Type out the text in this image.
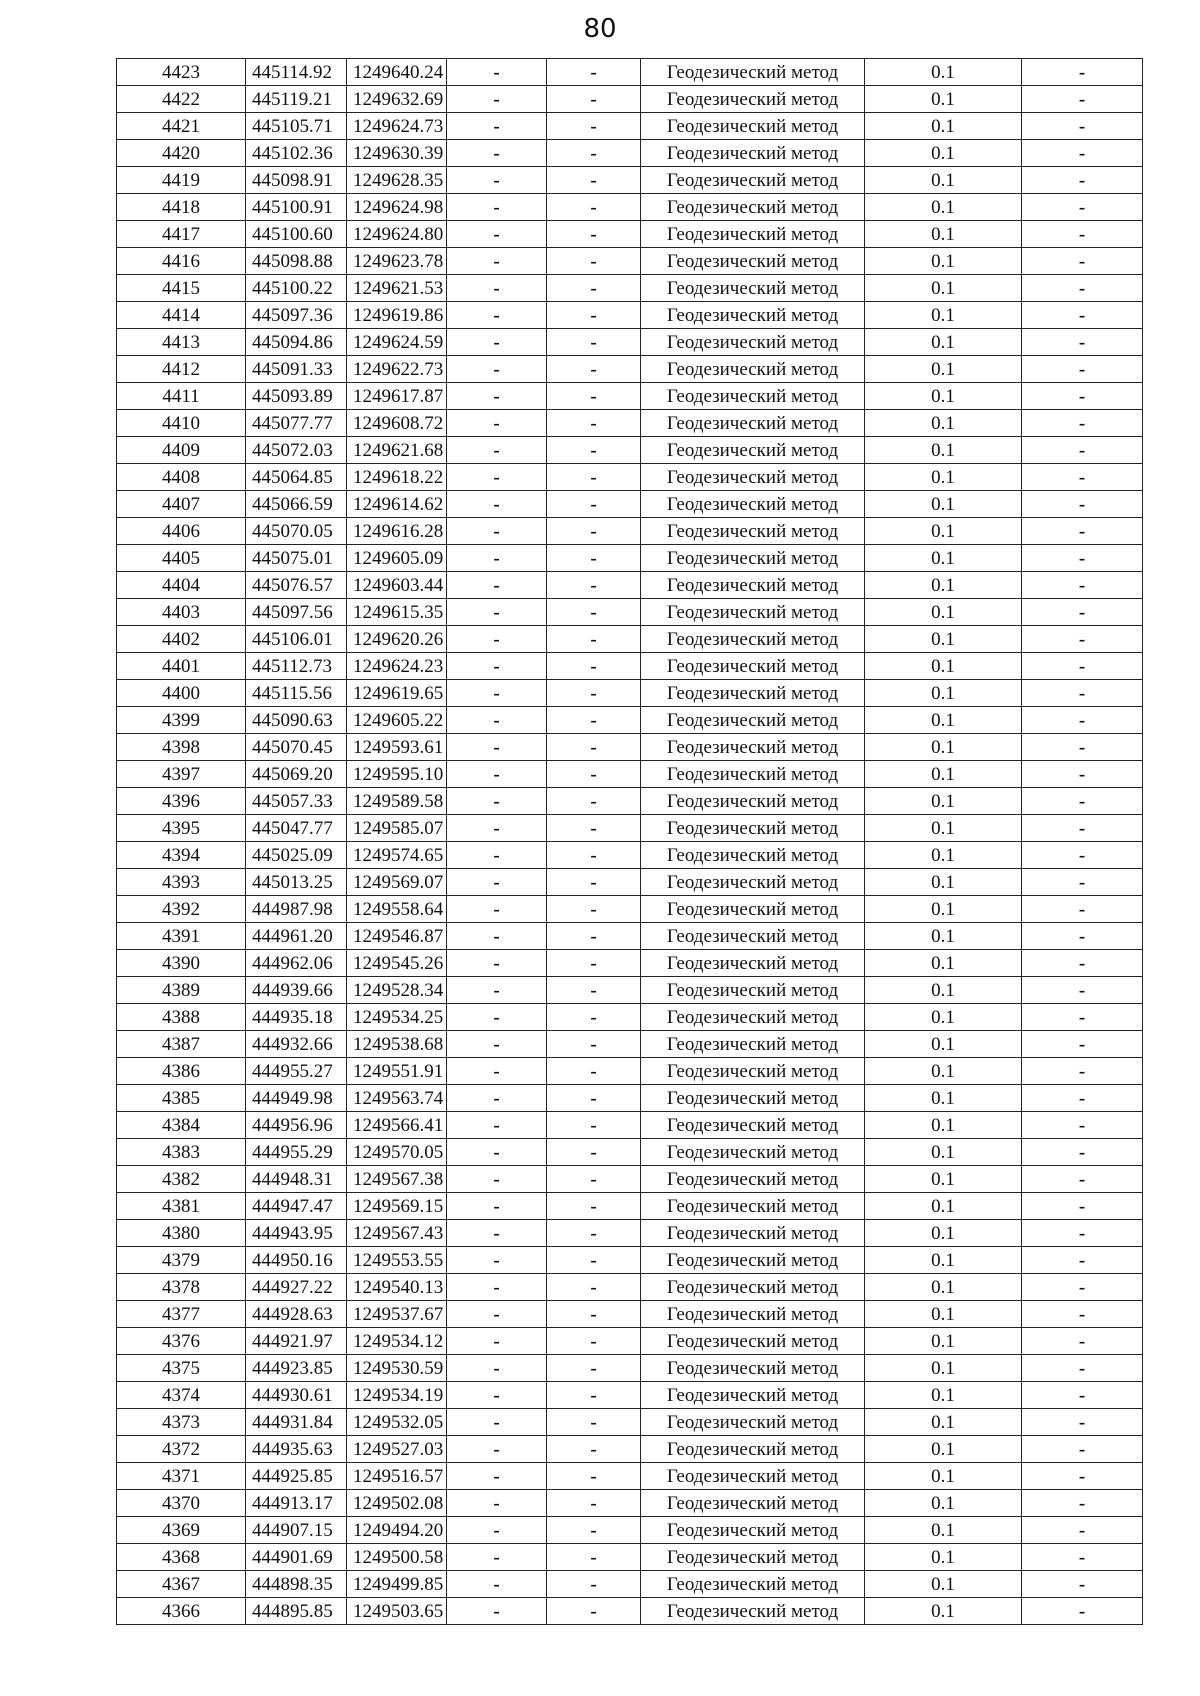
80
4423	445114.92	1249640.24	-	-	Геодезический метод	0.1	-
4422	445119.21	1249632.69	-	-	Геодезический метод	0.1	-
4421	445105.71	1249624.73	-	-	Геодезический метод	0.1	-
4420	445102.36	1249630.39	-	-	Геодезический метод	0.1	-
4419	445098.91	1249628.35	-	-	Геодезический метод	0.1	-
4418	445100.91	1249624.98	-	-	Геодезический метод	0.1	-
4417	445100.60	1249624.80	-	-	Геодезический метод	0.1	-
4416	445098.88	1249623.78	-	-	Геодезический метод	0.1	-
4415	445100.22	1249621.53	-	-	Геодезический метод	0.1	-
4414	445097.36	1249619.86	-	-	Геодезический метод	0.1	-
4413	445094.86	1249624.59	-	-	Геодезический метод	0.1	-
4412	445091.33	1249622.73	-	-	Геодезический метод	0.1	-
4411	445093.89	1249617.87	-	-	Геодезический метод	0.1	-
4410	445077.77	1249608.72	-	-	Геодезический метод	0.1	-
4409	445072.03	1249621.68	-	-	Геодезический метод	0.1	-
4408	445064.85	1249618.22	-	-	Геодезический метод	0.1	-
4407	445066.59	1249614.62	-	-	Геодезический метод	0.1	-
4406	445070.05	1249616.28	-	-	Геодезический метод	0.1	-
4405	445075.01	1249605.09	-	-	Геодезический метод	0.1	-
4404	445076.57	1249603.44	-	-	Геодезический метод	0.1	-
4403	445097.56	1249615.35	-	-	Геодезический метод	0.1	-
4402	445106.01	1249620.26	-	-	Геодезический метод	0.1	-
4401	445112.73	1249624.23	-	-	Геодезический метод	0.1	-
4400	445115.56	1249619.65	-	-	Геодезический метод	0.1	-
4399	445090.63	1249605.22	-	-	Геодезический метод	0.1	-
4398	445070.45	1249593.61	-	-	Геодезический метод	0.1	-
4397	445069.20	1249595.10	-	-	Геодезический метод	0.1	-
4396	445057.33	1249589.58	-	-	Геодезический метод	0.1	-
4395	445047.77	1249585.07	-	-	Геодезический метод	0.1	-
4394	445025.09	1249574.65	-	-	Геодезический метод	0.1	-
4393	445013.25	1249569.07	-	-	Геодезический метод	0.1	-
4392	444987.98	1249558.64	-	-	Геодезический метод	0.1	-
4391	444961.20	1249546.87	-	-	Геодезический метод	0.1	-
4390	444962.06	1249545.26	-	-	Геодезический метод	0.1	-
4389	444939.66	1249528.34	-	-	Геодезический метод	0.1	-
4388	444935.18	1249534.25	-	-	Геодезический метод	0.1	-
4387	444932.66	1249538.68	-	-	Геодезический метод	0.1	-
4386	444955.27	1249551.91	-	-	Геодезический метод	0.1	-
4385	444949.98	1249563.74	-	-	Геодезический метод	0.1	-
4384	444956.96	1249566.41	-	-	Геодезический метод	0.1	-
4383	444955.29	1249570.05	-	-	Геодезический метод	0.1	-
4382	444948.31	1249567.38	-	-	Геодезический метод	0.1	-
4381	444947.47	1249569.15	-	-	Геодезический метод	0.1	-
4380	444943.95	1249567.43	-	-	Геодезический метод	0.1	-
4379	444950.16	1249553.55	-	-	Геодезический метод	0.1	-
4378	444927.22	1249540.13	-	-	Геодезический метод	0.1	-
4377	444928.63	1249537.67	-	-	Геодезический метод	0.1	-
4376	444921.97	1249534.12	-	-	Геодезический метод	0.1	-
4375	444923.85	1249530.59	-	-	Геодезический метод	0.1	-
4374	444930.61	1249534.19	-	-	Геодезический метод	0.1	-
4373	444931.84	1249532.05	-	-	Геодезический метод	0.1	-
4372	444935.63	1249527.03	-	-	Геодезический метод	0.1	-
4371	444925.85	1249516.57	-	-	Геодезический метод	0.1	-
4370	444913.17	1249502.08	-	-	Геодезический метод	0.1	-
4369	444907.15	1249494.20	-	-	Геодезический метод	0.1	-
4368	444901.69	1249500.58	-	-	Геодезический метод	0.1	-
4367	444898.35	1249499.85	-	-	Геодезический метод	0.1	-
4366	444895.85	1249503.65	-	-	Геодезический метод	0.1	-
